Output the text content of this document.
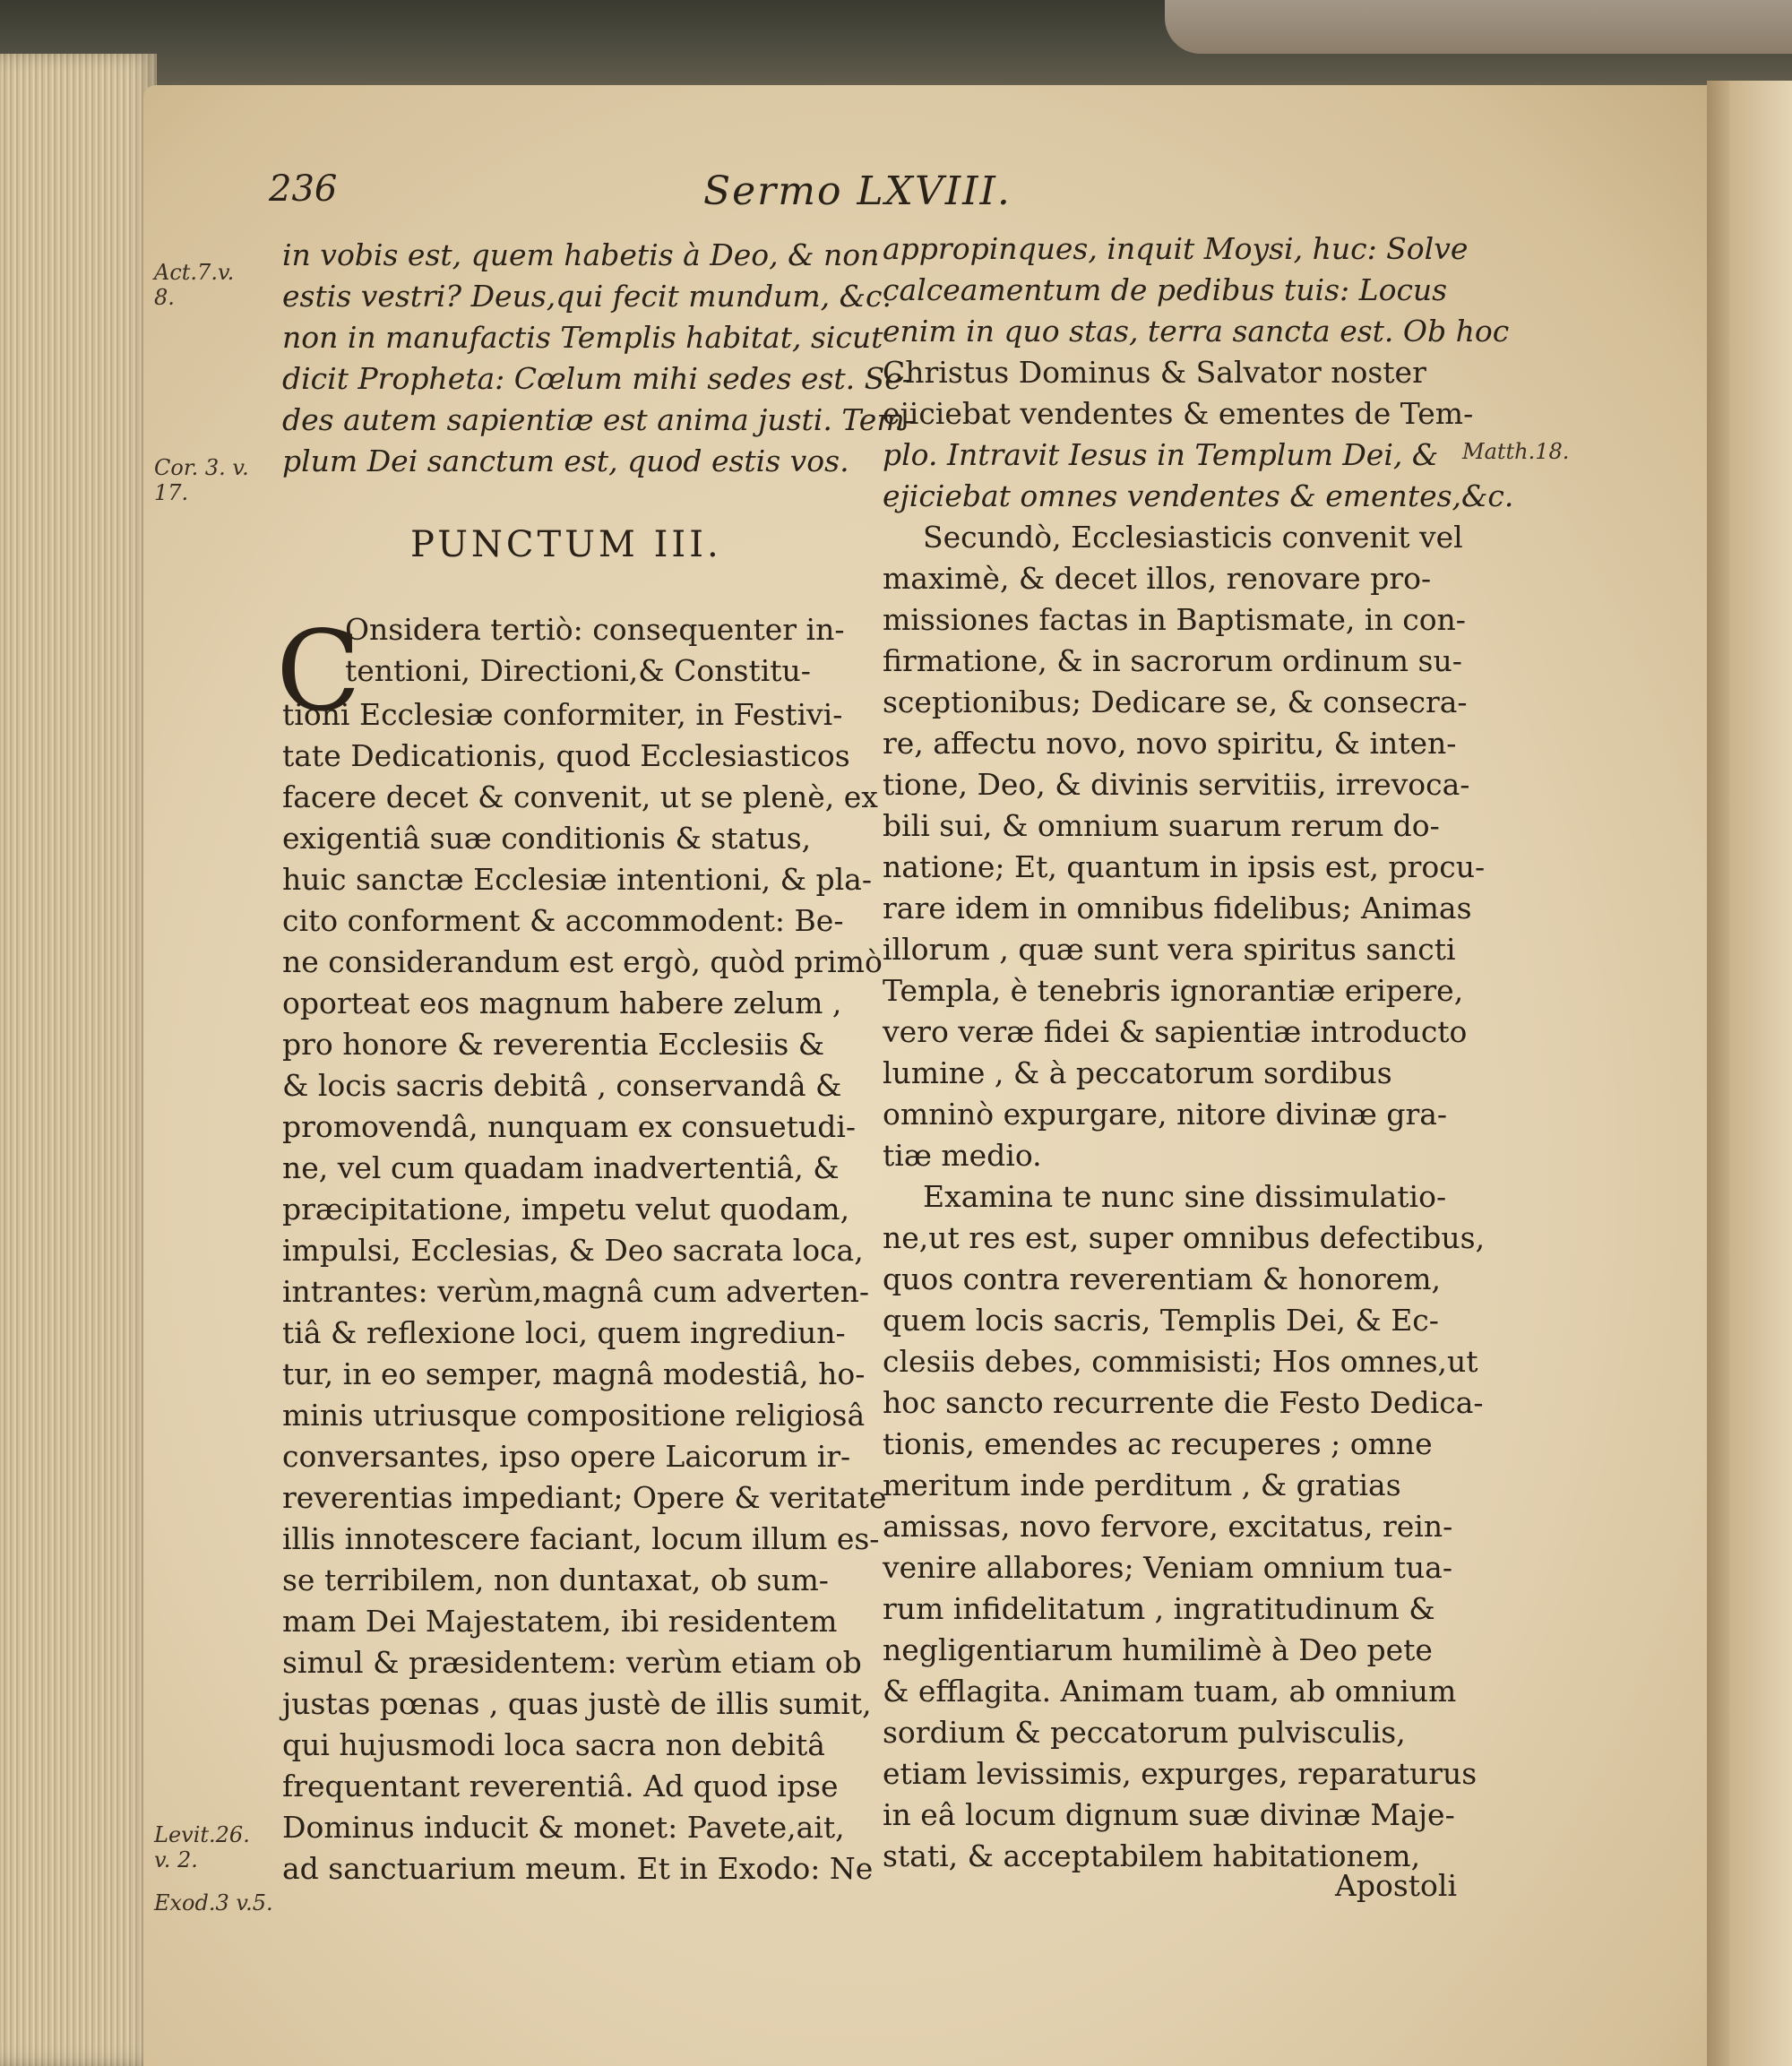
236	Sermo LXVIII.
in vobis est, quem habetis à Deo, & non
estis vestri? Deus,qui fecit mundum, &c.
non in manufactis Templis habitat, sicut
dicit Propheta: Cœlum mihi sedes est. Se-
des autem sapientiæ est anima justi. Tem-
plum Dei sanctum est, quod estis vos.
PUNCTUM III.
C
Onsidera tertiò: consequenter in-
tentioni, Directioni,& Constitu-
tioni Ecclesiæ conformiter, in Festivi-
tate Dedicationis, quod Ecclesiasticos
facere decet & convenit, ut se plenè, ex
exigentiâ suæ conditionis & status,
huic sanctæ Ecclesiæ intentioni, & pla-
cito conforment & accommodent: Be-
ne considerandum est ergò, quòd primò
oporteat eos magnum habere zelum ,
pro honore & reverentia Ecclesiis &
& locis sacris debitâ , conservandâ &
promovendâ, nunquam ex consuetudi-
ne, vel cum quadam inadvertentiâ, &
præcipitatione, impetu velut quodam,
impulsi, Ecclesias, & Deo sacrata loca,
intrantes: verùm,magnâ cum adverten-
tiâ & reflexione loci, quem ingrediun-
tur, in eo semper, magnâ modestiâ, ho-
minis utriusque compositione religiosâ
conversantes, ipso opere Laicorum ir-
reverentias impediant; Opere & veritate
illis innotescere faciant, locum illum es-
se terribilem, non duntaxat, ob sum-
mam Dei Majestatem, ibi residentem
simul & præsidentem: verùm etiam ob
justas pœnas , quas justè de illis sumit,
qui hujusmodi loca sacra non debitâ
frequentant reverentiâ. Ad quod ipse
Dominus inducit & monet: Pavete,ait,
ad sanctuarium meum. Et in Exodo: Ne
appropinques, inquit Moysi, huc: Solve
calceamentum de pedibus tuis: Locus
enim in quo stas, terra sancta est. Ob hoc
Christus Dominus & Salvator noster
ejiciebat vendentes & ementes de Tem-
plo. Intravit Iesus in Templum Dei, &
ejiciebat omnes vendentes & ementes,&c.
Secundò, Ecclesiasticis convenit vel
maximè, & decet illos, renovare pro-
missiones factas in Baptismate, in con-
firmatione, & in sacrorum ordinum su-
sceptionibus; Dedicare se, & consecra-
re, affectu novo, novo spiritu, & inten-
tione, Deo, & divinis servitiis, irrevoca-
bili sui, & omnium suarum rerum do-
natione; Et, quantum in ipsis est, procu-
rare idem in omnibus fidelibus; Animas
illorum , quæ sunt vera spiritus sancti
Templa, è tenebris ignorantiæ eripere,
vero veræ fidei & sapientiæ introducto
lumine , & à peccatorum sordibus
omninò expurgare, nitore divinæ gra-
tiæ medio.
Examina te nunc sine dissimulatio-
ne,ut res est, super omnibus defectibus,
quos contra reverentiam & honorem,
quem locis sacris, Templis Dei, & Ec-
clesiis debes, commisisti; Hos omnes,ut
hoc sancto recurrente die Festo Dedica-
tionis, emendes ac recuperes ; omne
meritum inde perditum , & gratias
amissas, novo fervore, excitatus, rein-
venire allabores; Veniam omnium tua-
rum infidelitatum , ingratitudinum &
negligentiarum humilimè à Deo pete
& efflagita. Animam tuam, ab omnium
sordium & peccatorum pulvisculis,
etiam levissimis, expurges, reparaturus
in eâ locum dignum suæ divinæ Maje-
stati, & acceptabilem habitationem,
Act.7.v.
8.
Cor. 3. v.
17.
Levit.26.
v. 2.
Exod.3 v.5.
Matth.18.
Apostoli
